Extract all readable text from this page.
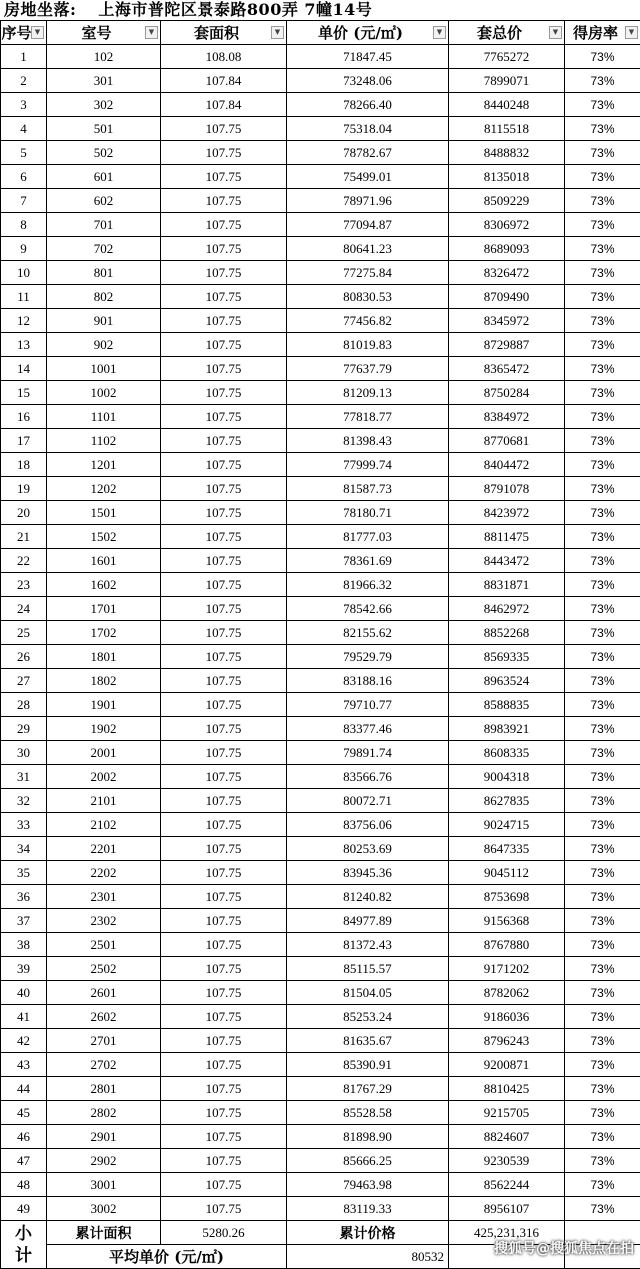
房地坐落: 上海市普陀区景泰路800弄 7幢14号
序号 ▼	室号 ▼	套面积 ▼	单价 (元/㎡) ▼	套总价 ▼	得房率 ▼

1	102	108.08	71847.45	7765272	73%
2	301	107.84	73248.06	7899071	73%
3	302	107.84	78266.40	8440248	73%
4	501	107.75	75318.04	8115518	73%
5	502	107.75	78782.67	8488832	73%
6	601	107.75	75499.01	8135018	73%
7	602	107.75	78971.96	8509229	73%
8	701	107.75	77094.87	8306972	73%
9	702	107.75	80641.23	8689093	73%
10	801	107.75	77275.84	8326472	73%
11	802	107.75	80830.53	8709490	73%
12	901	107.75	77456.82	8345972	73%
13	902	107.75	81019.83	8729887	73%
14	1001	107.75	77637.79	8365472	73%
15	1002	107.75	81209.13	8750284	73%
16	1101	107.75	77818.77	8384972	73%
17	1102	107.75	81398.43	8770681	73%
18	1201	107.75	77999.74	8404472	73%
19	1202	107.75	81587.73	8791078	73%
20	1501	107.75	78180.71	8423972	73%
21	1502	107.75	81777.03	8811475	73%
22	1601	107.75	78361.69	8443472	73%
23	1602	107.75	81966.32	8831871	73%
24	1701	107.75	78542.66	8462972	73%
25	1702	107.75	82155.62	8852268	73%
26	1801	107.75	79529.79	8569335	73%
27	1802	107.75	83188.16	8963524	73%
28	1901	107.75	79710.77	8588835	73%
29	1902	107.75	83377.46	8983921	73%
30	2001	107.75	79891.74	8608335	73%
31	2002	107.75	83566.76	9004318	73%
32	2101	107.75	80072.71	8627835	73%
33	2102	107.75	83756.06	9024715	73%
34	2201	107.75	80253.69	8647335	73%
35	2202	107.75	83945.36	9045112	73%
36	2301	107.75	81240.82	8753698	73%
37	2302	107.75	84977.89	9156368	73%
38	2501	107.75	81372.43	8767880	73%
39	2502	107.75	85115.57	9171202	73%
40	2601	107.75	81504.05	8782062	73%
41	2602	107.75	85253.24	9186036	73%
42	2701	107.75	81635.67	8796243	73%
43	2702	107.75	85390.91	9200871	73%
44	2801	107.75	81767.29	8810425	73%
45	2802	107.75	85528.58	9215705	73%
46	2901	107.75	81898.90	8824607	73%
47	2902	107.75	85666.25	9230539	73%
48	3001	107.75	79463.98	8562244	73%
49	3002	107.75	83119.33	8956107	73%

小计	累计面积	5280.26	累计价格	425,231,316	
	平均单价 (元/㎡)		80532			搜狐号@搜狐焦点在拍
